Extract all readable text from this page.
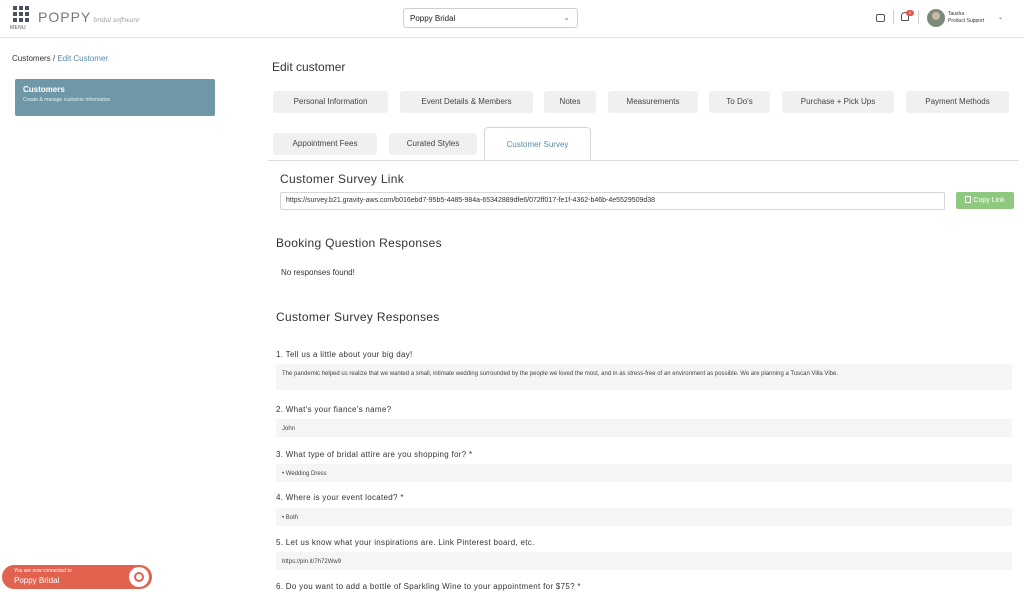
MENU
POPPY bridal software	Poppy Bridal	⌄
1	Tausha
Product Support ⌄
Customers / Edit Customer
Customers
Create & manage customer information
Edit customer
Personal Information	Event Details & Members	Notes	Measurements	To Do's	Purchase + Pick Ups	Payment Methods
Appointment Fees	Curated Styles	Customer Survey
Customer Survey Link
https://survey.b21.gravity-aws.com/b016ebd7-95b5-4485-984a-65342889dfe6/072ff017-fe1f-4362-b46b-4e5529509d38	Copy Link
Booking Question Responses
No responses found!
Customer Survey Responses
1. Tell us a little about your big day!
The pandemic helped us realize that we wanted a small, intimate wedding surrounded by the people we loved the most, and in as stress-free of an environment as possible. We are planning a Tuscan Villa Vibe.
2. What's your fiance's name?
John
3. What type of bridal attire are you shopping for? *
• Wedding Dress
4. Where is your event located? *
• Both
5. Let us know what your inspirations are. Link Pinterest board, etc.
https://pin.it/7h72Ww9
6. Do you want to add a bottle of Sparkling Wine to your appointment for $75? *
You are now connected to
Poppy Bridal
